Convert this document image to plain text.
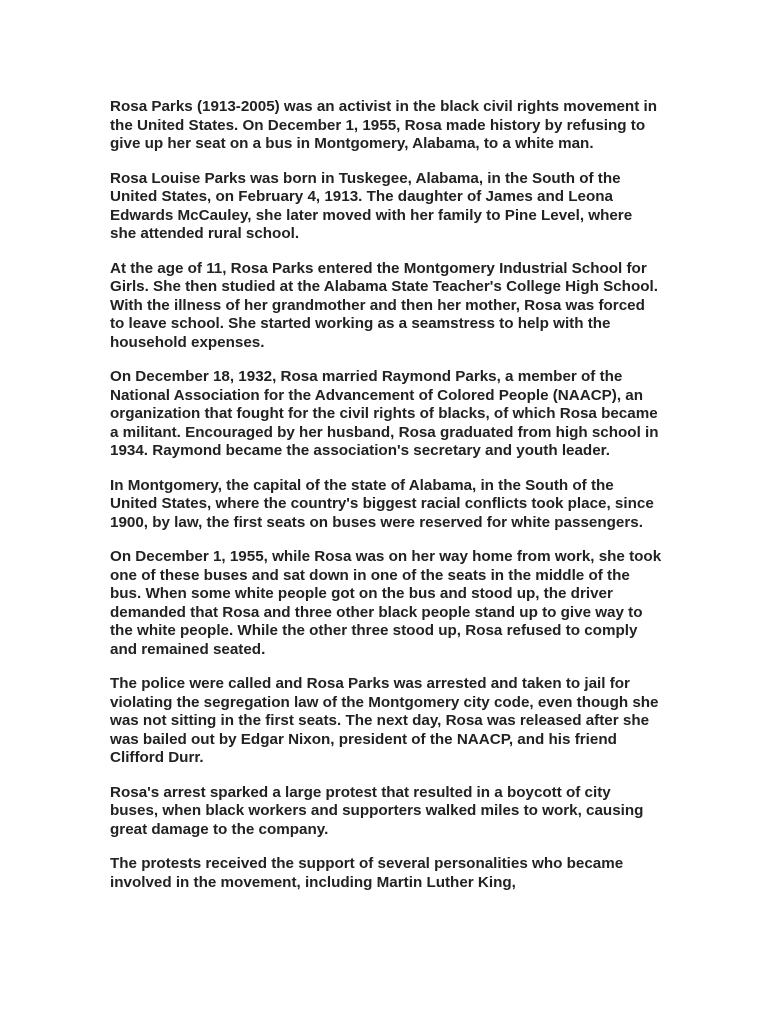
Rosa Parks (1913-2005) was an activist in the black civil rights movement in the United States. On December 1, 1955, Rosa made history by refusing to give up her seat on a bus in Montgomery, Alabama, to a white man.

Rosa Louise Parks was born in Tuskegee, Alabama, in the South of the United States, on February 4, 1913. The daughter of James and Leona Edwards McCauley, she later moved with her family to Pine Level, where she attended rural school.

At the age of 11, Rosa Parks entered the Montgomery Industrial School for Girls. She then studied at the Alabama State Teacher's College High School. With the illness of her grandmother and then her mother, Rosa was forced to leave school. She started working as a seamstress to help with the household expenses.

On December 18, 1932, Rosa married Raymond Parks, a member of the National Association for the Advancement of Colored People (NAACP), an organization that fought for the civil rights of blacks, of which Rosa became a militant. Encouraged by her husband, Rosa graduated from high school in 1934. Raymond became the association's secretary and youth leader.

In Montgomery, the capital of the state of Alabama, in the South of the United States, where the country's biggest racial conflicts took place, since 1900, by law, the first seats on buses were reserved for white passengers.

On December 1, 1955, while Rosa was on her way home from work, she took one of these buses and sat down in one of the seats in the middle of the bus. When some white people got on the bus and stood up, the driver demanded that Rosa and three other black people stand up to give way to the white people. While the other three stood up, Rosa refused to comply and remained seated.

The police were called and Rosa Parks was arrested and taken to jail for violating the segregation law of the Montgomery city code, even though she was not sitting in the first seats. The next day, Rosa was released after she was bailed out by Edgar Nixon, president of the NAACP, and his friend Clifford Durr.

Rosa's arrest sparked a large protest that resulted in a boycott of city buses, when black workers and supporters walked miles to work, causing great damage to the company.

The protests received the support of several personalities who became involved in the movement, including Martin Luther King,
